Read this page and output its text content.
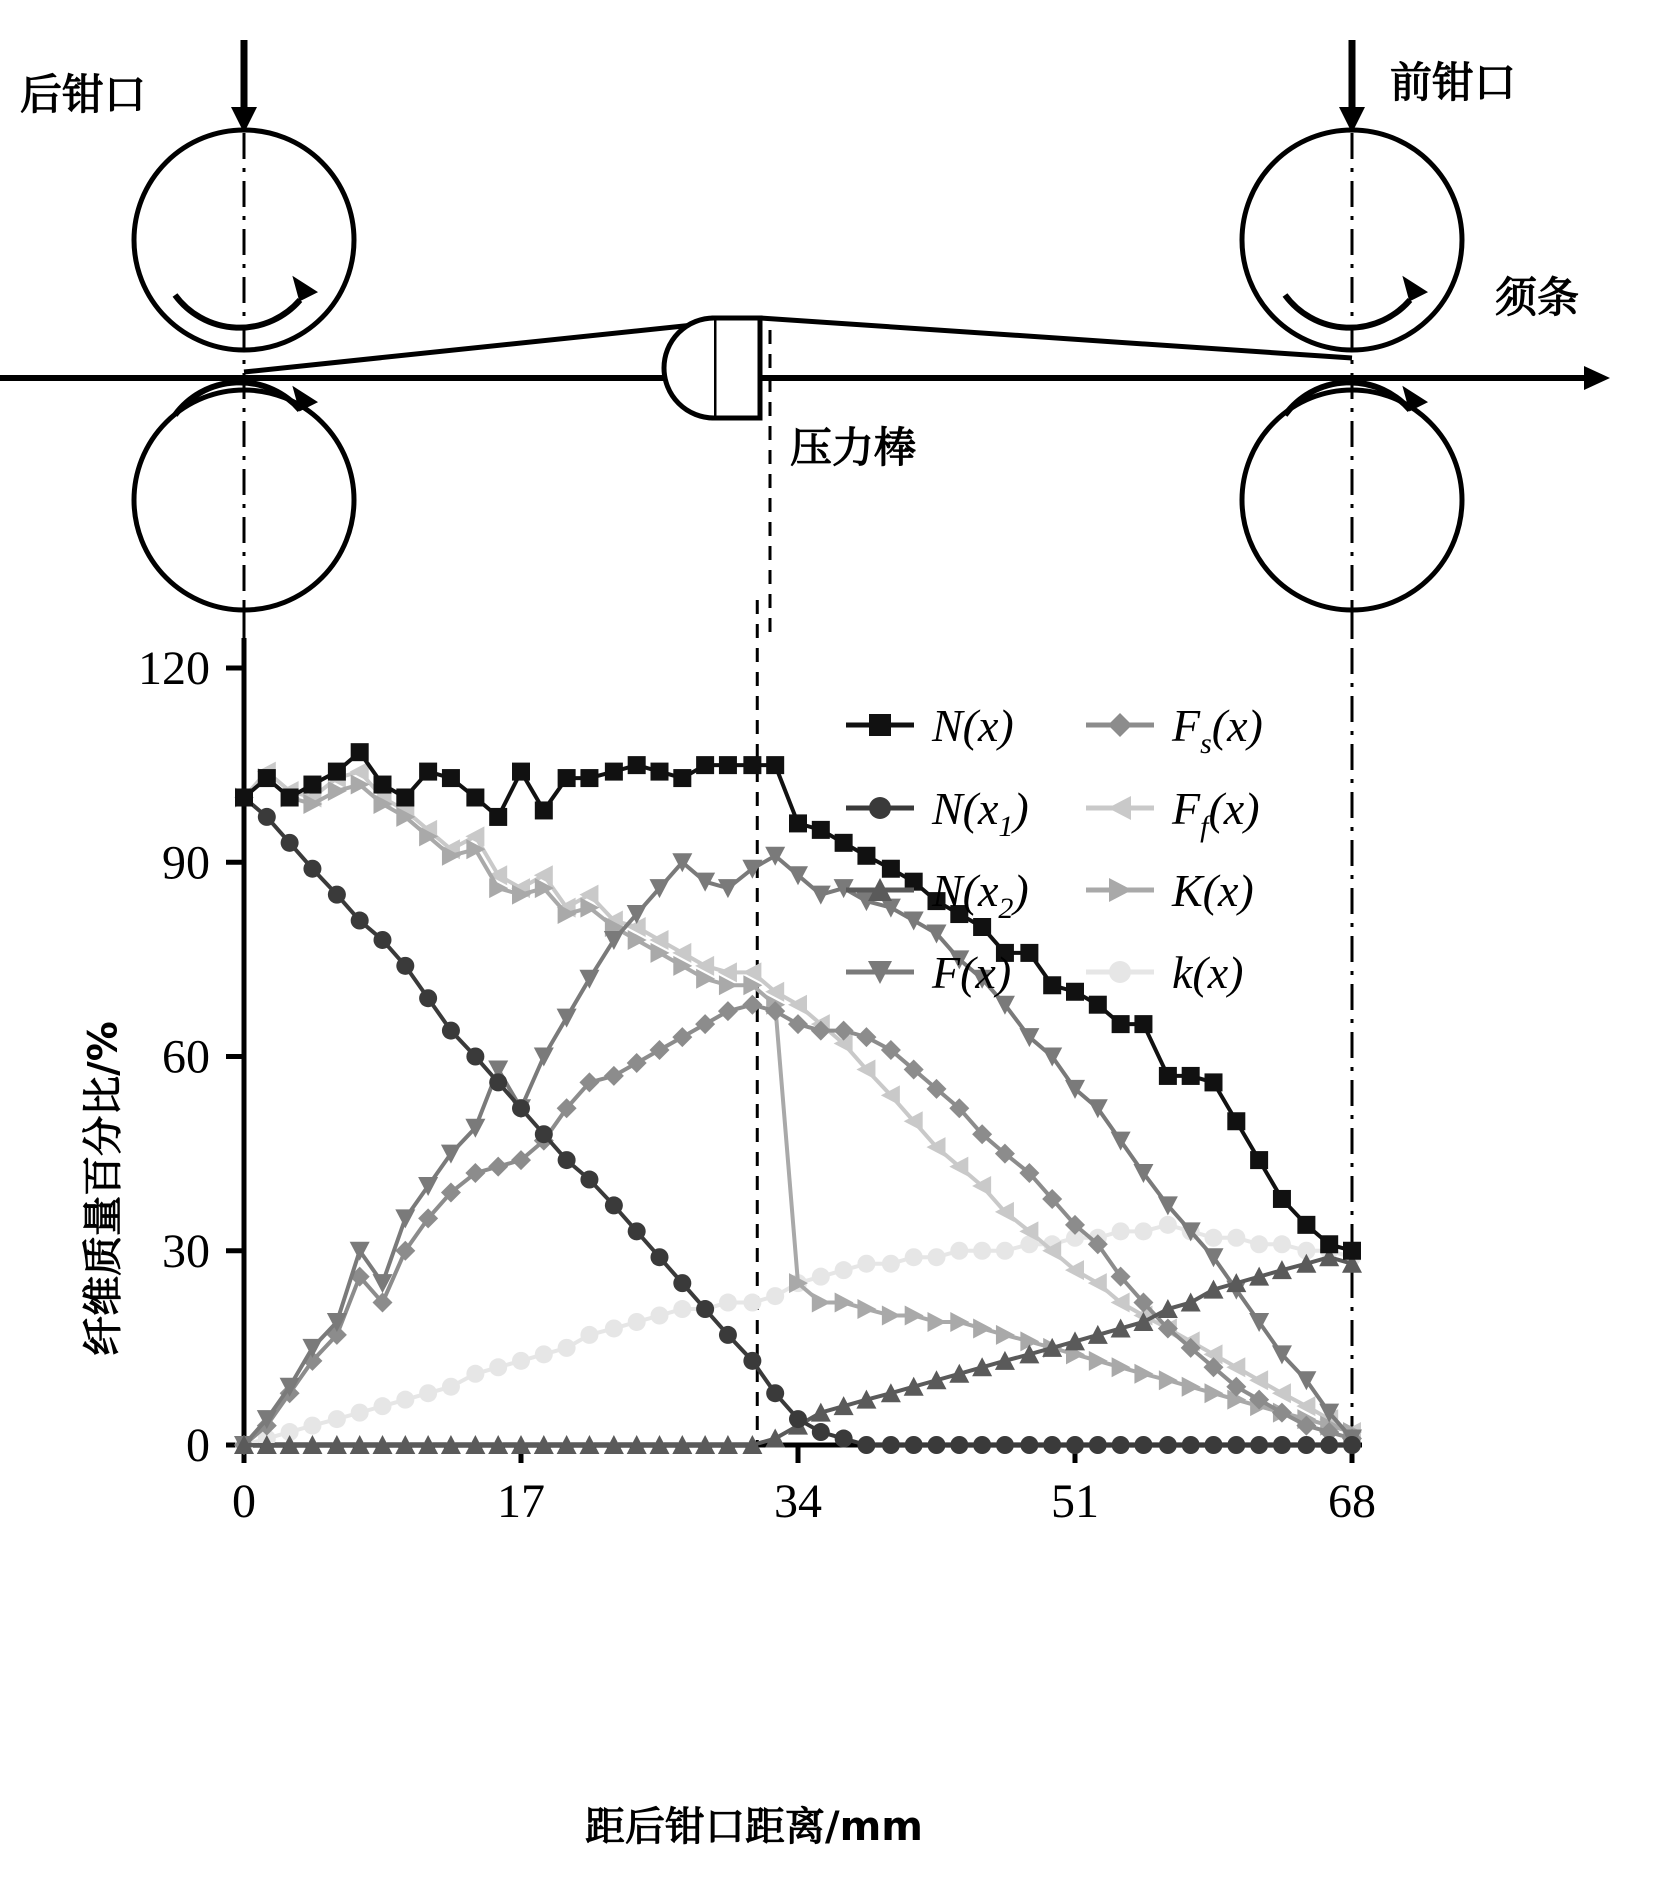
后钳口	前钳口
须条
压力棒
0
30
60
90
120
0	17	34	51	68
N(x)	$F_s(x)$
$N(x_1)$	$F_f(x)$
$N(x_2)$	K(x)
F(x)	k(x)
距后钳口距离/mm
纤维质量百分比/%
